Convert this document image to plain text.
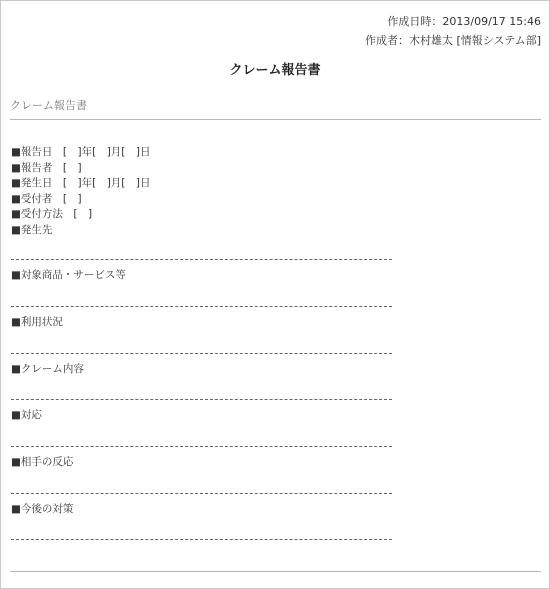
作成日時：2013/09/17 15:46
作成者：木村雄太 [情報システム部]
クレーム報告書
クレーム報告書
■報告日　[　]年[　]月[　]日
■報告者　[　]
■発生日　[　]年[　]月[　]日
■受付者　[　]
■受付方法　[　]
■発生先
■対象商品・サービス等
■利用状況
■クレーム内容
■対応
■相手の反応
■今後の対策
